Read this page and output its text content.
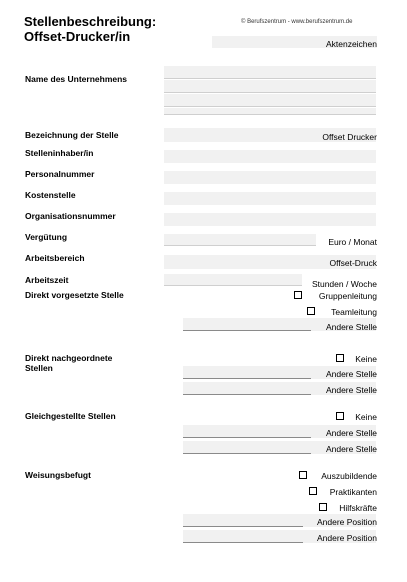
Stellenbeschreibung:
Offset-Drucker/in
© Berufszentrum - www.berufszentrum.de
Aktenzeichen
Name des Unternehmens
Bezeichnung der Stelle	Offset Drucker
Stelleninhaber/in
Personalnummer
Kostenstelle
Organisationsnummer
Vergütung	Euro / Monat
Arbeitsbereich	Offset-Druck
Arbeitszeit	Stunden / Woche
Direkt vorgesetzte Stelle	Gruppenleitung
Teamleitung
Andere Stelle
Direkt nachgeordnete
Stellen
Keine
Andere Stelle
Andere Stelle
Gleichgestellte Stellen	Keine
Andere Stelle
Andere Stelle
Weisungsbefugt	Auszubildende
Praktikanten
Hilfskräfte
Andere Position
Andere Position
